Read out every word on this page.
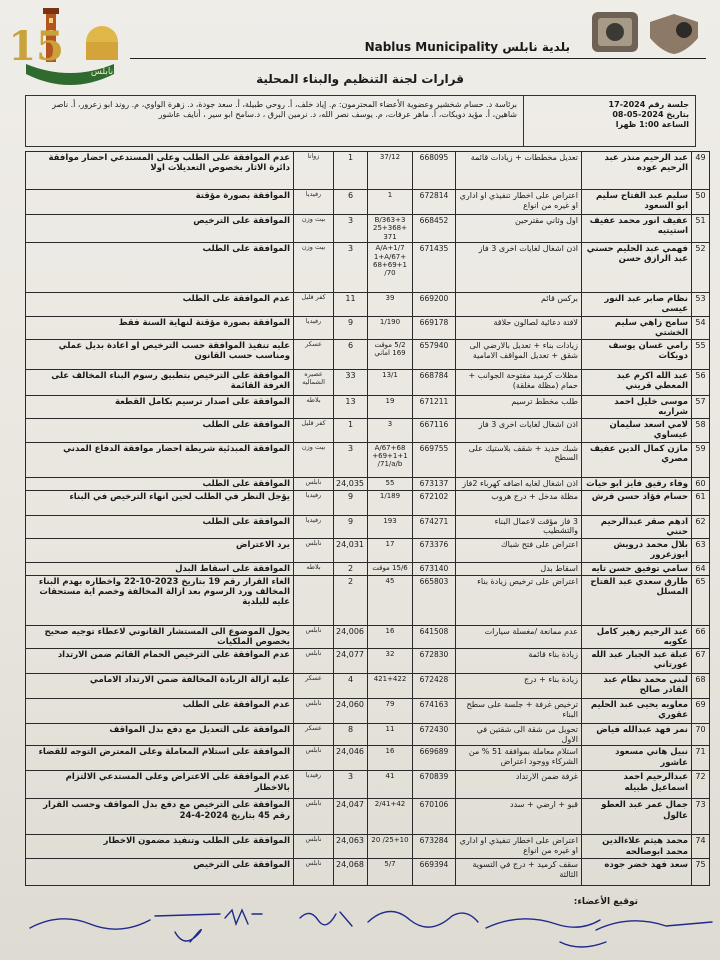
15
نابلس
Nablus Municipality بلدية نابلس
قرارات لجنة التنظيم والبناء المحلية
جلسة رقم 2024-17
بتاريخ 2024-05-08
الساعة 1:00 ظهرا
برئاسة د. حسام شخشير وعضوية الأعضاء المحترمون: م. إياد خلف، أ. روحي طبيلة، أ. سعد جودة، د. زهرة الواوي، م. روند ابو زعرور، أ. ناصر شاهين، أ. مؤيد دويكات، أ. ماهر عرفات، م. يوسف نصر الله، د. نرمين البرق ، د.سامح ابو سير ، أنايف عاشور
49	عبد الرحيم منذر عبد الرحيم عوده	تعديل مخططات + زيادات قائمة	668095	37/12	1	زواتا	عدم الموافقة على الطلب وعلى المستدعي احضار موافقة دائرة الاثار بخصوص التعديلات اولا
50	سليم عبد الفتاح سليم ابو السعود	اعتراض على اخطار تنفيذي او اداري او غيره من انواع	672814	1	6	رفيديا	الموافقة بصورة مؤقتة
51	عفيف انور محمد عفيف استيتيه	اول وثاني مقترحين	668452	B/363+3 25+368+ 371	3	بيت وزن	الموافقة على الترخيص
52	فهمي عبد الحليم حسني عبد الرازق حسن	اذن اشغال لغايات اخرى 3 فاز	671435	A/A+1/7 1+A/67+ 68+69+1 /70	3	بيت وزن	الموافقة على الطلب
53	نظام صابر عبد النور عيسى	بركس قائم	669200	39	11	كفر قليل	عدم الموافقة على الطلب
54	سامح زاهي سليم الخشتي	لافتة دعائية لصالون حلاقة	669178	1/190	9	رفيديا	الموافقة بصورة مؤقتة لنهاية السنة فقط
55	رامي غسان يوسف دويكات	زيادات بناء + تعديل بالارضي الى شقق + تعديل المواقف الامامية	657940	5/2 موقت 169 اماني	6	عسكر	عليه تنفيذ الموافقة حسب الترخيص او اعادة بديل عملي ومناسب حسب القانون
56	عبد الله اكرم عبد المعطي قريني	مظلات كرميد مفتوحة الجوانب + حمام (مظلة مغلقة)	668784	13/1	33	عصيره الشماليه	الموافقة على الترخيص بتطبيق رسوم البناء المخالف على الغرفة القائمة
57	موسى خليل احمد شراربه	طلب مخطط ترسيم	671211	19	13	بلاطه	الموافقة على اصدار ترسيم بكامل القطعة
58	لامي اسعد سليمان عيساوي	اذن اشغال لغايات اخرى 3 فاز	667116	3	1	كفر قليل	الموافقة على الطلب
59	مازن كمال الدين عفيف مصري	شبك حديد + شقف بلاستيك على السطح	669755	A/67+68 +69+1+1 /71/a/b	3	بيت وزن	الموافقة المبدئية شريطة احضار موافقة الدفاع المدني
60	وفاء رفيق فايز ابو حيات	اذن اشغال لغايه اضافه كهرباء 2فاز	673137	55	24,035	نابلس	الموافقة على الطلب
61	حسام فؤاد حسن قرش	مظلة مدخل + درج هروب	672102	1/189	9	رفيديا	يؤجل النظر في الطلب لحين انهاء الترخيص في البناء
62	ادهم صقر عبدالرحيم حنني	3 فاز مؤقت لاعمال البناء والتشطيب	674271	193	9	رفيديا	الموافقة على الطلب
63	بلال محمد درويش ابوزعرور	اعتراض على فتح شباك	673376	17	24,031	نابلس	يرد الاعتراض
64	سامي توفيق حسن تايه	اسقاط بدل	673140	15/6 موقت	2	بلاطه	الموافقة على اسقاط البدل
65	طارق سعدي عبد الفتاح المسلل	اعتراض على ترخيص زيادة بناء	665803	45	2		الغاء القرار رقم 19 بتاريخ 2023-10-22 واخطاره بهدم البناء المخالف ورد الرسوم بعد ازالة المخالفة وخصم اية مستحقات عليه للبلدية
66	عبد الرحيم زهير كامل عكوبه	عدم ممانعة /مغسلة سيارات	641508	16	24,006	نابلس	يحول الموضوع الى المستشار القانوني لاعطاء توجيه صحيح بخصوص الملكيات
67	عبلة عبد الجبار عبد الله عورتاني	زيادة بناء قائمة	672830	32	24,077	نابلس	عدم الموافقة على الترخيص الحمام القائم ضمن الارتداد
68	لبنى محمد نظام عبد القادر صالح	زيادة بناء + درج	672428	421+422	4	عسكر	عليه ازالة الزيادة المخالفة ضمن الارتداد الامامي
69	معاويه يحيى عبد الحليم عقوري	ترخيص غرفة + جلسة على سطح البناء	674163	79	24,060	نابلس	عدم الموافقة على الطلب
70	نمر فهد عبدالله فياض	تحويل من شقة الى شقتين في الاول	672430	11	8	عسكر	الموافقة على التعديل مع دفع بدل المواقف
71	نبيل هاني مسعود عاشور	استلام معاملة بموافقة 51 % من الشركاء ووجود اعتراض	669689	16	24,046	نابلس	الموافقة على استلام المعاملة وعلى المعترض التوجه للقضاء
72	عبدالرحيم احمد اسماعيل طبيله	غرفة ضمن الارتداد	670839	41	3	رفيديا	عدم الموافقة على الاعتراض وعلى المستدعي الالتزام بالاخطار
73	جمال عمر عبد العطو عالول	قبو + ارضي + سدد	670106	2/41+42	24,047	نابلس	الموافقة على الترخيص مع دفع بدل المواقف وحسب القرار رقم 45 بتاريخ 2024-4-24
74	محمد هيثم علاءالدين محمد ابوصالحه	اعتراض على اخطار تنفيذي او اداري او غيره من انواع	673284	25+10/ 20	24,063	نابلس	الموافقة على الطلب وتنفيذ مضمون الاخطار
75	سعد فهد خضر جوده	سقف كرميد + درج في التسوية الثالثة	669394	5/7	24,068	نابلس	الموافقة على الترخيص
توقيع الأعضاء:
